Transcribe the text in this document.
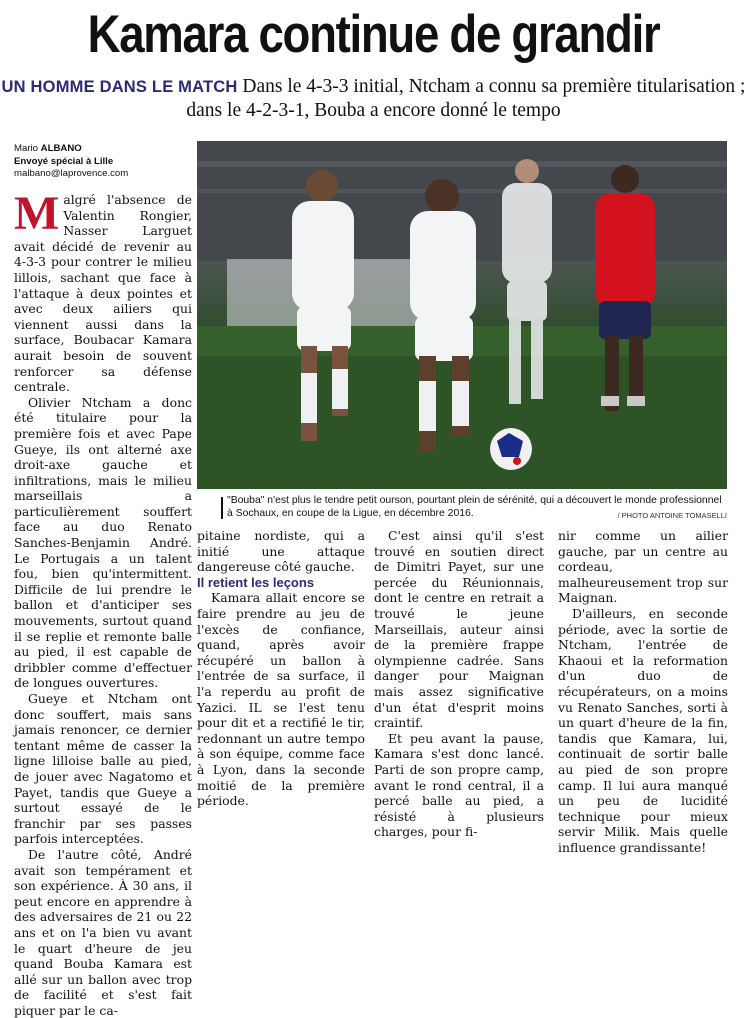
Kamara continue de grandir
UN HOMME DANS LE MATCH Dans le 4-3-3 initial, Ntcham a connu sa première titularisation ; dans le 4-2-3-1, Bouba a encore donné le tempo
Mario ALBANO
Envoyé spécial à Lille
malbano@laprovence.com
"Bouba" n'est plus le tendre petit ourson, pourtant plein de sérénité, qui a découvert le monde professionnel à Sochaux, en coupe de la Ligue, en décembre 2016.	/ PHOTO ANTOINE TOMASELLI

Malgré l'absence de Valentin Rongier, Nasser Larguet avait décidé de revenir au 4-3-3 pour contrer le milieu lillois, sachant que face à l'attaque à deux pointes et avec deux ailiers qui viennent aussi dans la surface, Boubacar Kamara aurait besoin de souvent renforcer sa défense centrale.

Olivier Ntcham a donc été titulaire pour la première fois et avec Pape Gueye, ils ont alterné axe droit-axe gauche et infiltrations, mais le milieu marseillais a particulièrement souffert face au duo Renato Sanches-Benjamin André. Le Portugais a un talent fou, bien qu'intermittent. Difficile de lui prendre le ballon et d'anticiper ses mouvements, surtout quand il se replie et remonte balle au pied, il est capable de dribbler comme d'effectuer de longues ouvertures.

Gueye et Ntcham ont donc souffert, mais sans jamais renoncer, ce dernier tentant même de casser la ligne lilloise balle au pied, de jouer avec Nagatomo et Payet, tandis que Gueye a surtout essayé de le franchir par ses passes parfois interceptées.

De l'autre côté, André avait son tempérament et son expérience. À 30 ans, il peut encore en apprendre à des adversaires de 21 ou 22 ans et on l'a bien vu avant le quart d'heure de jeu quand Bouba Kamara est allé sur un ballon avec trop de facilité et s'est fait piquer par le ca-

pitaine nordiste, qui a initié une attaque dangereuse côté gauche.

Il retient les leçons

Kamara allait encore se faire prendre au jeu de l'excès de confiance, quand, après avoir récupéré un ballon à l'entrée de sa surface, il l'a reperdu au profit de Yazici. IL se l'est tenu pour dit et a rectifié le tir, redonnant un autre tempo à son équipe, comme face à Lyon, dans la seconde moitié de la première période.

C'est ainsi qu'il s'est trouvé en soutien direct de Dimitri Payet, sur une percée du Réunionnais, dont le centre en retrait a trouvé le jeune Marseillais, auteur ainsi de la première frappe olympienne cadrée. Sans danger pour Maignan mais assez significative d'un état d'esprit moins craintif.

Et peu avant la pause, Kamara s'est donc lancé. Parti de son propre camp, avant le rond central, il a percé balle au pied, a résisté à plusieurs charges, pour fi-

nir comme un ailier gauche, par un centre au cordeau, malheureusement trop sur Maignan.

D'ailleurs, en seconde période, avec la sortie de Ntcham, l'entrée de Khaoui et la reformation d'un duo de récupérateurs, on a moins vu Renato Sanches, sorti à un quart d'heure de la fin, tandis que Kamara, lui, continuait de sortir balle au pied de son propre camp. Il lui aura manqué un peu de lucidité technique pour mieux servir Milik. Mais quelle influence grandissante!
